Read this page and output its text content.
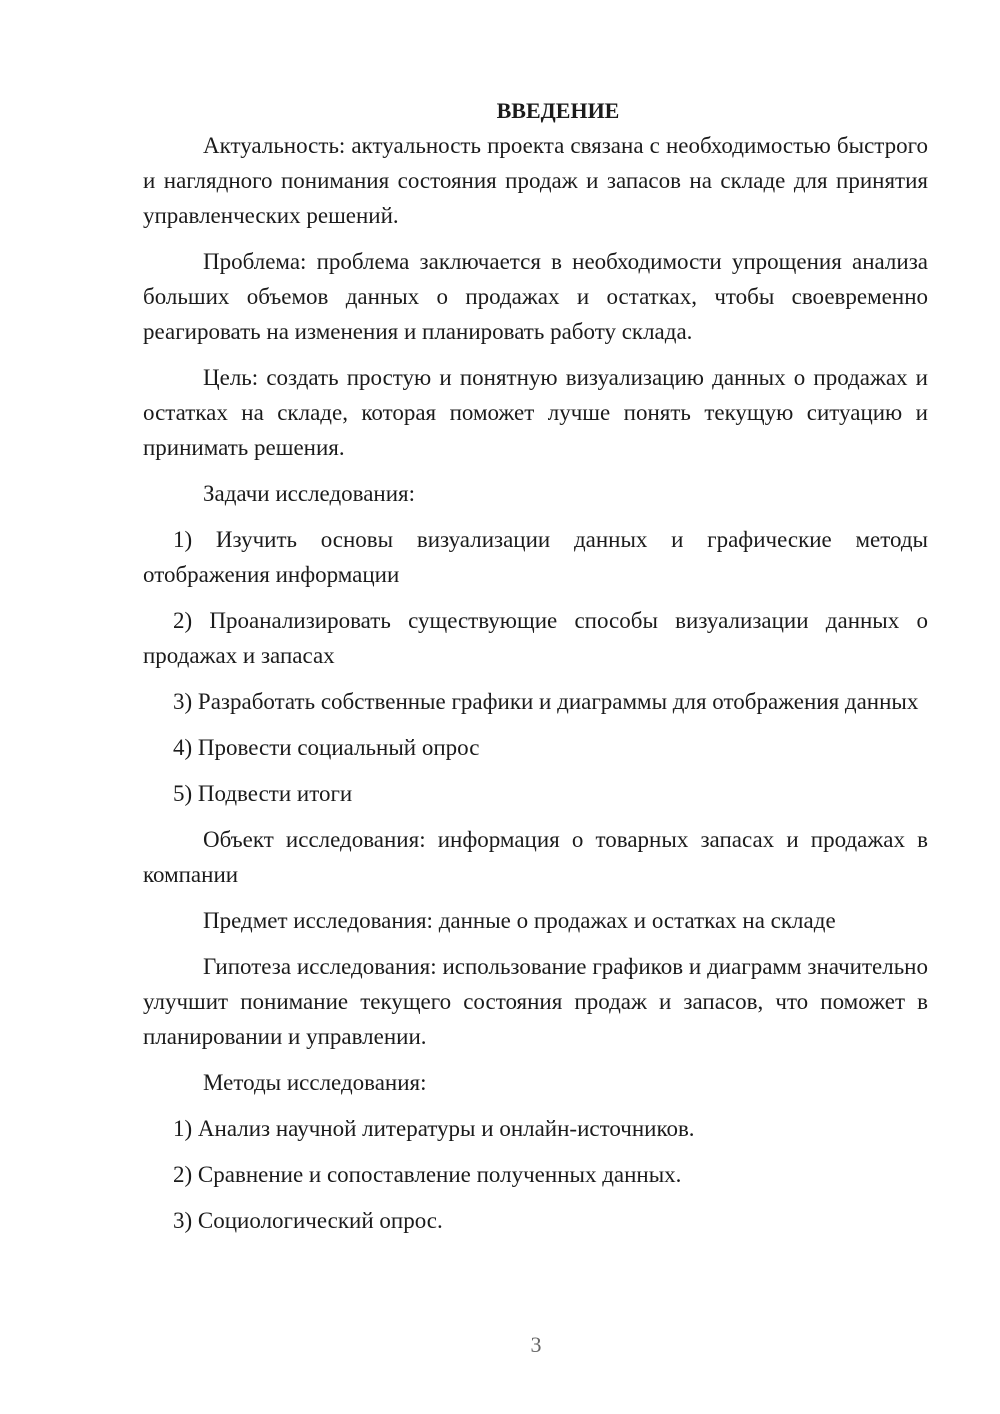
ВВЕДЕНИЕ

Актуальность: актуальность проекта связана с необходимостью быстрого и наглядного понимания состояния продаж и запасов на складе для принятия управленческих решений.

Проблема: проблема заключается в необходимости упрощения анализа больших объемов данных о продажах и остатках, чтобы своевременно реагировать на изменения и планировать работу склада.

Цель: создать простую и понятную визуализацию данных о продажах и остатках на складе, которая поможет лучше понять текущую ситуацию и принимать решения.

Задачи исследования:

1) Изучить основы визуализации данных и графические методы отображения информации

2) Проанализировать существующие способы визуализации данных о продажах и запасах

3) Разработать собственные графики и диаграммы для отображения данных

4) Провести социальный опрос

5) Подвести итоги

Объект исследования: информация о товарных запасах и продажах в компании

Предмет исследования: данные о продажах и остатках на складе

Гипотеза исследования: использование графиков и диаграмм значительно улучшит понимание текущего состояния продаж и запасов, что поможет в планировании и управлении.

Методы исследования:

1) Анализ научной литературы и онлайн-источников.

2) Сравнение и сопоставление полученных данных.

3) Социологический опрос.

3
